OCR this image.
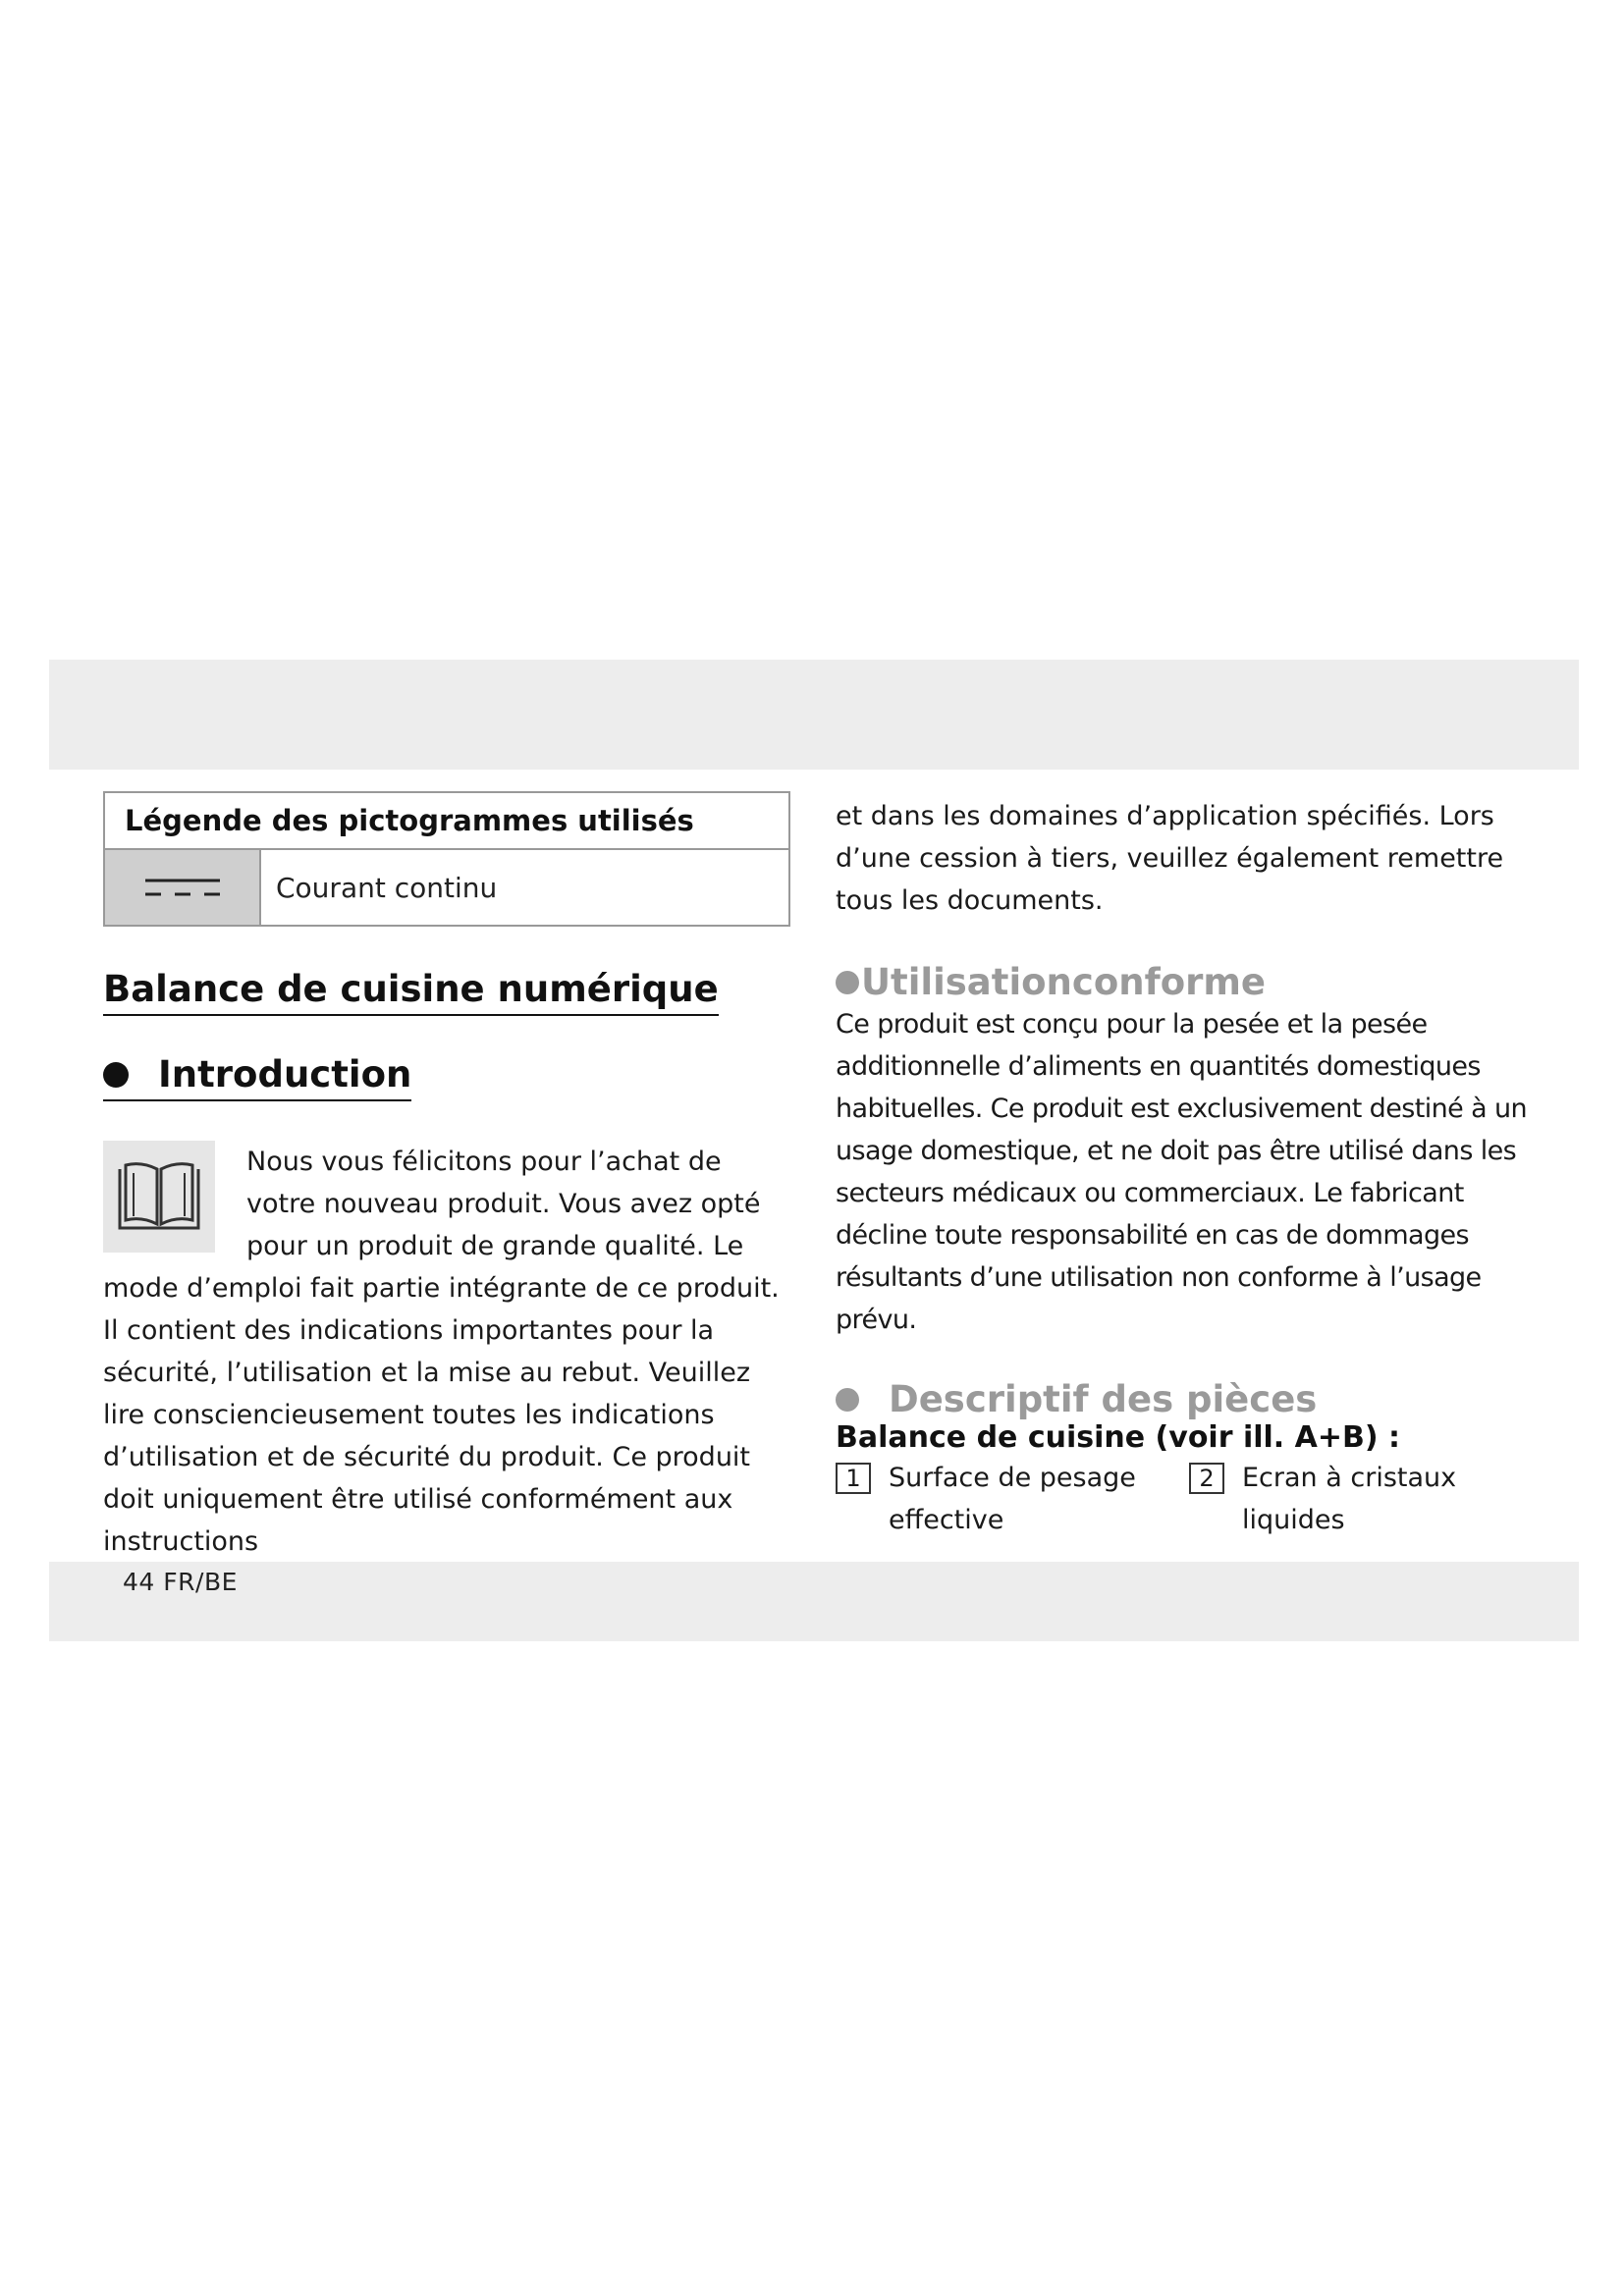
Légende des pictogrammes utilisés
Courant continu
Balance de cuisine numérique

Introduction
Nous vous félicitons pour l’achat de votre nouveau produit. Vous avez opté pour un produit de grande qualité. Le mode d’emploi fait partie intégrante de ce produit. Il contient des indications importantes pour la sécurité, l’utilisation et la mise au rebut. Veuillez lire consciencieusement toutes les indications d’utilisation et de sécurité du produit. Ce produit doit uniquement être utilisé conformément aux instructions
et dans les domaines d’application spécifiés. Lors d’une cession à tiers, veuillez également remettre tous les documents.
Utilisationconforme
Ce produit est conçu pour la pesée et la pesée additionnelle d’aliments en quantités domestiques habituelles. Ce produit est exclusivement destiné à un usage domestique, et ne doit pas être utilisé dans les secteurs médicaux ou commerciaux. Le fabricant décline toute responsabilité en cas de dommages résultants d’une utilisation non conforme à l’usage prévu.
Descriptif des pièces
Balance de cuisine (voir ill. A+B) :
1	Surface de pesage effective
2	Ecran à cristaux liquides
44 FR/BE
